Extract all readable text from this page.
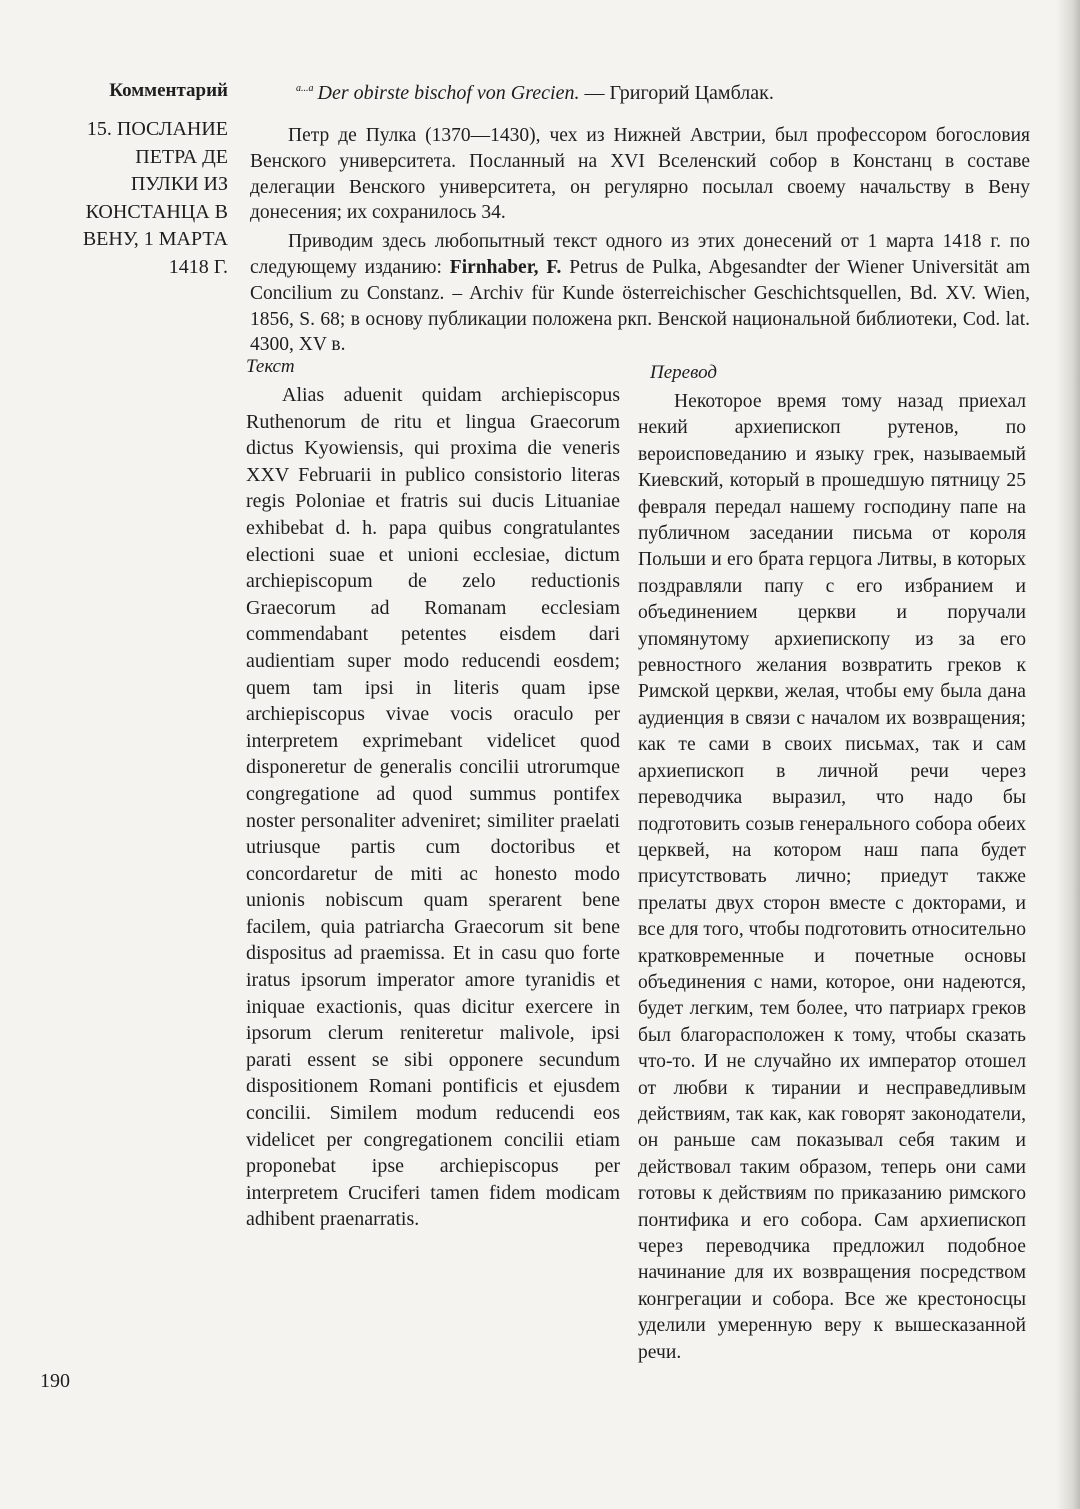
Комментарий
15. ПОСЛАНИЕ
ПЕТРА ДЕ
ПУЛКИ ИЗ
КОНСТАНЦА В
ВЕНУ, 1 МАРТА
1418 Г.
$^{a...a}$ Der obirste bischof von Grecien. — Григорий Цамблак.

Петр де Пулка (1370—1430), чех из Нижней Австрии, был профессором богословия Венского университета. Посланный на XVI Вселенский собор в Констанц в составе делегации Венского университета, он регулярно посылал своему начальству в Вену донесения; их сохранилось 34.

Приводим здесь любопытный текст одного из этих донесений от 1 марта 1418 г. по следующему изданию: Firnhaber, F. Petrus de Pulka, Abgesandter der Wiener Universität am Concilium zu Constanz. – Archiv für Kunde österreichischer Geschichtsquellen, Bd. XV. Wien, 1856, S. 68; в основу публикации положена ркп. Венской национальной библиотеки, Cod. lat. 4300, XV в.

Текст
Alias aduenit quidam archiepiscopus Ruthenorum de ritu et lingua Graecorum dictus Kyowiensis, qui proxima die veneris XXV Februarii in publico consistorio literas regis Poloniae et fratris sui ducis Lituaniae exhibebat d. h. papa quibus congratulantes electioni suae et unioni ecclesiae, dictum archiepiscopum de zelo reductionis Graecorum ad Romanam ecclesiam commendabant petentes eisdem dari audientiam super modo reducendi eosdem; quem tam ipsi in literis quam ipse archiepiscopus vivae vocis oraculo per interpretem exprimebant videlicet quod disponeretur de generalis concilii utrorumque congregatione ad quod summus pontifex noster personaliter adveniret; similiter praelati utriusque partis cum doctoribus et concordaretur de miti ac honesto modo unionis nobiscum quam sperarent bene facilem, quia patriarcha Graecorum sit bene dispositus ad praemissa. Et in casu quo forte iratus ipsorum imperator amore tyranidis et iniquae exactionis, quas dicitur exercere in ipsorum clerum reniteretur malivole, ipsi parati essent se sibi opponere secundum dispositionem Romani pontificis et ejusdem concilii. Similem modum reducendi eos videlicet per congregationem concilii etiam proponebat ipse archiepiscopus per interpretem Cruciferi tamen fidem modicam adhibent praenarratis.
Перевод
Некоторое время тому назад приехал некий архиепископ рутенов, по вероисповеданию и языку грек, называемый Киевский, который в прошедшую пятницу 25 февраля передал нашему господину папе на публичном заседании письма от короля Польши и его брата герцога Литвы, в которых поздравляли папу с его избранием и объединением церкви и поручали упомянутому архиепископу из за его ревностного желания возвратить греков к Римской церкви, желая, чтобы ему была дана аудиенция в связи с началом их возвращения; как те сами в своих письмах, так и сам архиепископ в личной речи через переводчика выразил, что надо бы подготовить созыв генерального собора обеих церквей, на котором наш папа будет присутствовать лично; приедут также прелаты двух сторон вместе с докторами, и все для того, чтобы подготовить относительно кратковременные и почетные основы объединения с нами, которое, они надеются, будет легким, тем более, что патриарх греков был благорасположен к тому, чтобы сказать что-то. И не случайно их император отошел от любви к тирании и несправедливым действиям, так как, как говорят законодатели, он раньше сам показывал себя таким и действовал таким образом, теперь они сами готовы к действиям по приказанию римского понтифика и его собора. Сам архиепископ через переводчика предложил подобное начинание для их возвращения посредством конгрегации и собора. Все же крестоносцы уделили умеренную веру к вышесказанной речи.
190
